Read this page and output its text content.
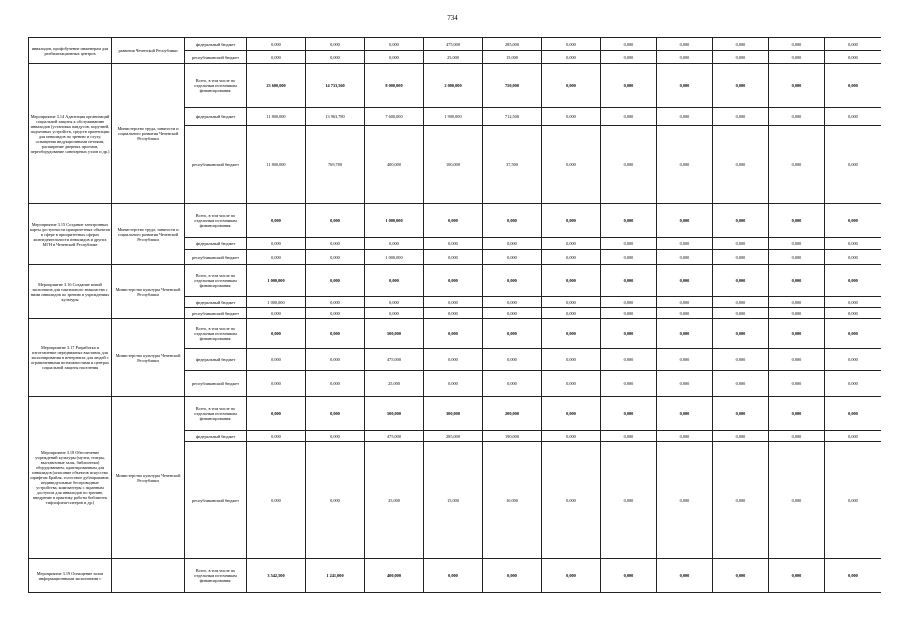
734
инвалидов, профобучение инженерам для реабилитационных центров	развития Чеченской Республики	федеральный бюджет	0,000	0,000	0,000	475,000	285,000	0,000	0,000	0,000	0,000	0,000	0,000
		республиканский бюджет	0,000	0,000	0,000	25,000	15,000	0,000	0,000	0,000	0,000	0,000	0,000
Мероприятие 3.14 Адаптация организаций социальной защиты к обслуживанию инвалидов (установка пандусов, поручней, подъемных устройств, средств ориентации для инвалидов по зрению и слуху, оснащения индукционными петлями, расширение дверных проемов, переоборудование санитарных узлов и др.)	Министерство труда, занятости и социального развития Чеченской Республики	Всего, в том числе по отдельным источникам финансирования:	23 600,000	14 733,560	8 000,000	2 000,000	750,000	0,000	0,000	0,000	0,000	0,000	0,000
		федеральный бюджет	11 800,000	13 963,780	7 600,000	1 900,000	712,500	0,000	0,000	0,000	0,000	0,000	0,000
		республиканский бюджет	11 800,000	769,780	400,000	100,000	37,500	0,000	0,000	0,000	0,000	0,000	0,000
Мероприятие 3.15 Создание электронных карты доступности приоритетных объектов в сфере в приоритетных сферах жизнедеятельности инвалидов и других МГН в Чеченской Республике	Министерство труда, занятости и социального развития Чеченской Республики	Всего, в том числе по отдельным источникам финансирования:	0,000	0,000	1 000,000	0,000	0,000	0,000	0,000	0,000	0,000	0,000	0,000
		федеральный бюджет	0,000	0,000	0,000	0,000	0,000	0,000	0,000	0,000	0,000	0,000	0,000
		республиканский бюджет	0,000	0,000	1 000,000	0,000	0,000	0,000	0,000	0,000	0,000	0,000	0,000
Мероприятие 3.16 Создание копий экспонатов для тактильного знакомства с ними инвалидов по зрению в учреждениях культуры	Министерство культуры Чеченской Республики	Всего, в том числе по отдельным источникам финансирования:	1 000,000	0,000	0,000	0,000	0,000	0,000	0,000	0,000	0,000	0,000	0,000
		федеральный бюджет	1 000,000	0,000	0,000	0,000	0,000	0,000	0,000	0,000	0,000	0,000	0,000
		республиканский бюджет	0,000	0,000	0,000	0,000	0,000	0,000	0,000	0,000	0,000	0,000	0,000
Мероприятие 3.17 Разработка и изготовление передвижных выставок для экспонирования в интернатах для людей с ограниченными возможностями и центрах социальной защиты населения	Министерство культуры Чеченской Республики	Всего, в том числе по отдельным источникам финансирования:	0,000	0,000	500,000	0,000	0,000	0,000	0,000	0,000	0,000	0,000	0,000
		федеральный бюджет	0,000	0,000	475,000	0,000	0,000	0,000	0,000	0,000	0,000	0,000	0,000
		республиканский бюджет	0,000	0,000	25,000	0,000	0,000	0,000	0,000	0,000	0,000	0,000	0,000
Мероприятие 3.18 Обеспечение учреждений культуры (музеи, театры, выставочные залы, библиотеки) оборудованием, адаптированным для инвалидов (описание объектов искусства шрифтом Брайля, голосовое дублирование, индивидуальные беспроводные устройства, компьютеры с экранным доступом для инвалидов по зрению, внедрение в практику работы библиотек тифлофлеш-плееров и др.)	Министерство культуры Чеченской Республики	Всего, в том числе по отдельным источникам финансирования:	0,000	0,000	500,000	300,000	200,000	0,000	0,000	0,000	0,000	0,000	0,000
		федеральный бюджет	0,000	0,000	475,000	285,000	190,000	0,000	0,000	0,000	0,000	0,000	0,000
		республиканский бюджет	0,000	0,000	25,000	15,000	10,000	0,000	0,000	0,000	0,000	0,000	0,000
Мероприятие 3.19 Оснащение залов информационными экспонатами с		Всего, в том числе по отдельным источникам финансирования:	3 542,500	1 241,000	400,000	0,000	0,000	0,000	0,000	0,000	0,000	0,000	0,000
